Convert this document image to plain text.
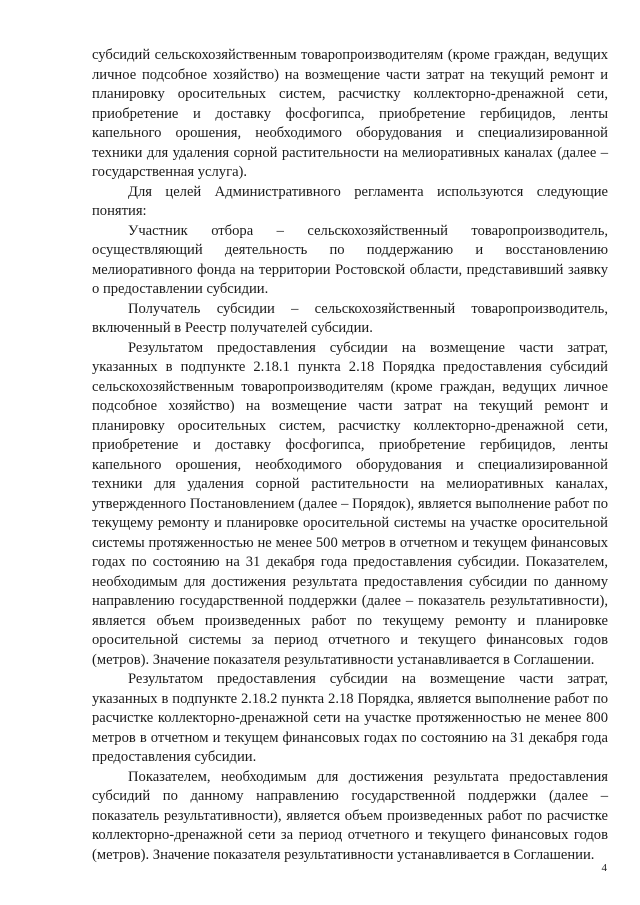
субсидий сельскохозяйственным товаропроизводителям (кроме граждан, ведущих личное подсобное хозяйство) на возмещение части затрат на текущий ремонт и планировку оросительных систем, расчистку коллекторно-дренажной сети, приобретение и доставку фосфогипса, приобретение гербицидов, ленты капельного орошения, необходимого оборудования и специализированной техники для удаления сорной растительности на мелиоративных каналах (далее – государственная услуга).

Для целей Административного регламента используются следующие понятия:

Участник отбора – сельскохозяйственный товаропроизводитель, осуществляющий деятельность по поддержанию и восстановлению мелиоративного фонда на территории Ростовской области, представивший заявку о предоставлении субсидии.

Получатель субсидии – сельскохозяйственный товаропроизводитель, включенный в Реестр получателей субсидии.

Результатом предоставления субсидии на возмещение части затрат, указанных в подпункте 2.18.1 пункта 2.18 Порядка предоставления субсидий сельскохозяйственным товаропроизводителям (кроме граждан, ведущих личное подсобное хозяйство) на возмещение части затрат на текущий ремонт и планировку оросительных систем, расчистку коллекторно-дренажной сети, приобретение и доставку фосфогипса, приобретение гербицидов, ленты капельного орошения, необходимого оборудования и специализированной техники для удаления сорной растительности на мелиоративных каналах, утвержденного Постановлением (далее – Порядок), является выполнение работ по текущему ремонту и планировке оросительной системы на участке оросительной системы протяженностью не менее 500 метров в отчетном и текущем финансовых годах по состоянию на 31 декабря года предоставления субсидии. Показателем, необходимым для достижения результата предоставления субсидии по данному направлению государственной поддержки (далее – показатель результативности), является объем произведенных работ по текущему ремонту и планировке оросительной системы за период отчетного и текущего финансовых годов (метров). Значение показателя результативности устанавливается в Соглашении.

Результатом предоставления субсидии на возмещение части затрат, указанных в подпункте 2.18.2 пункта 2.18 Порядка, является выполнение работ по расчистке коллекторно-дренажной сети на участке протяженностью не менее 800 метров в отчетном и текущем финансовых годах по состоянию на 31 декабря года предоставления субсидии.

Показателем, необходимым для достижения результата предоставления субсидий по данному направлению государственной поддержки (далее – показатель результативности), является объем произведенных работ по расчистке коллекторно-дренажной сети за период отчетного и текущего финансовых годов (метров). Значение показателя результативности устанавливается в Соглашении.

4
